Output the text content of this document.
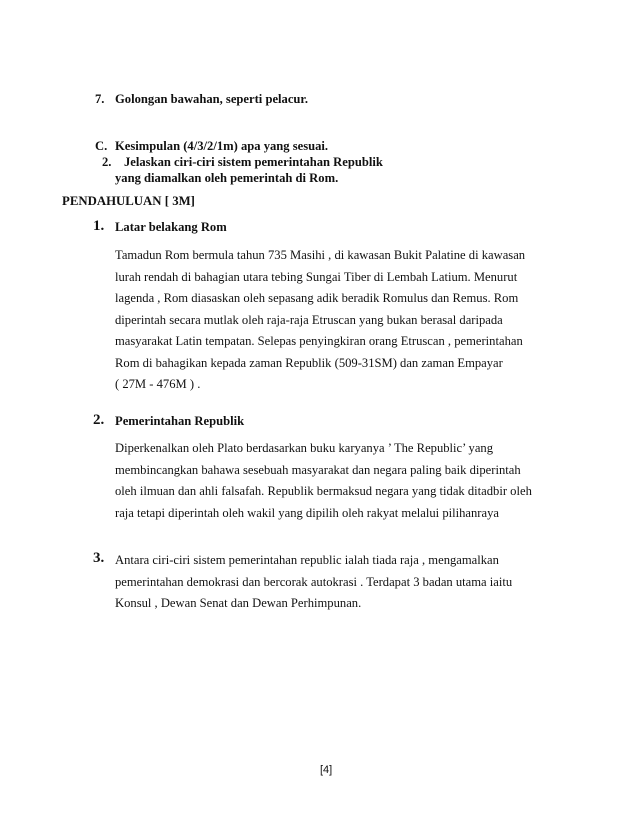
7. Golongan bawahan, seperti pelacur.
C. Kesimpulan (4/3/2/1m) apa yang sesuai.
2. Jelaskan ciri-ciri sistem pemerintahan Republik
yang diamalkan oleh pemerintah di Rom.
PENDAHULUAN [ 3M]
1. Latar belakang Rom

Tamadun Rom bermula tahun 735 Masihi , di kawasan Bukit Palatine di kawasan

lurah rendah di bahagian utara tebing Sungai Tiber di Lembah Latium. Menurut

lagenda , Rom diasaskan oleh sepasang adik beradik Romulus dan Remus. Rom

diperintah secara mutlak oleh raja-raja Etruscan yang bukan berasal daripada

masyarakat Latin tempatan. Selepas penyingkiran orang Etruscan , pemerintahan

Rom di bahagikan kepada zaman Republik (509-31SM) dan zaman Empayar

( 27M - 476M ) .

2. Pemerintahan Republik

Diperkenalkan oleh Plato berdasarkan buku karyanya ’ The Republic’ yang

membincangkan bahawa sesebuah masyarakat dan negara paling baik diperintah

oleh ilmuan dan ahli falsafah. Republik bermaksud negara yang tidak ditadbir oleh

raja tetapi diperintah oleh wakil yang dipilih oleh rakyat melalui pilihanraya

3. Antara ciri-ciri sistem pemerintahan republic ialah tiada raja , mengamalkan

pemerintahan demokrasi dan bercorak autokrasi . Terdapat 3 badan utama iaitu

Konsul , Dewan Senat dan Dewan Perhimpunan.

[4]
